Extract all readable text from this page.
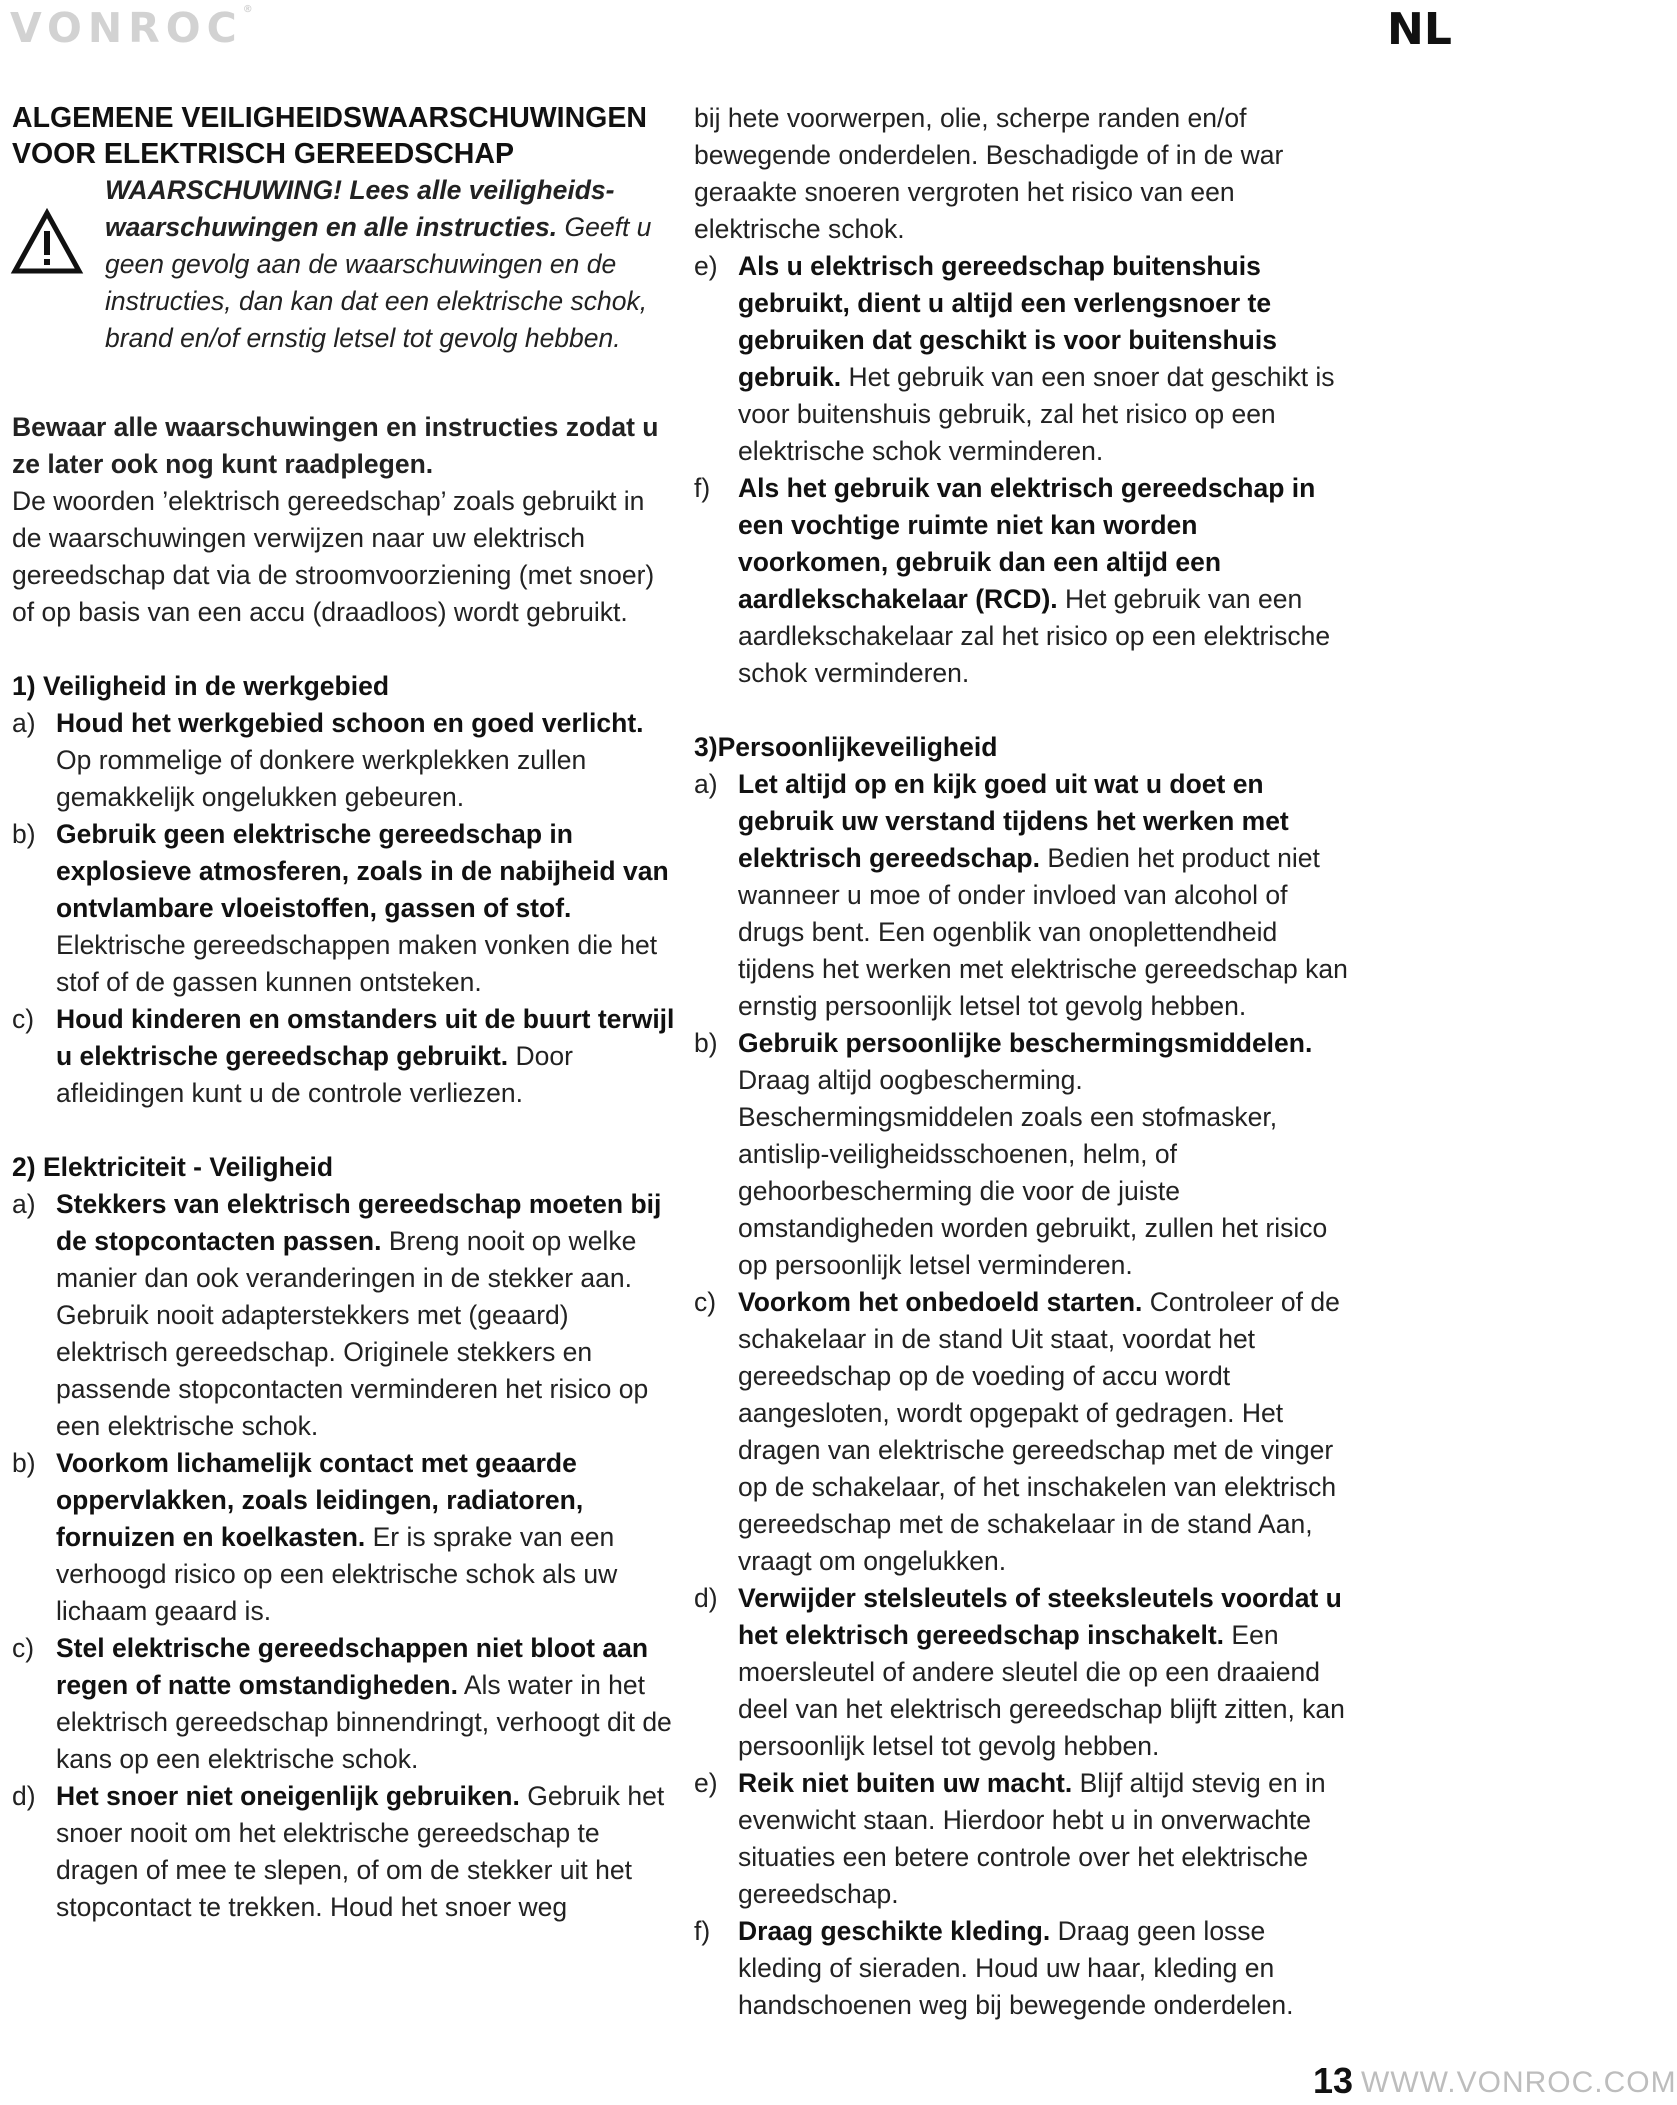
VONROC®	NL
ALGEMENE VEILIGHEIDSWAARSCHUWINGEN VOOR ELEKTRISCH GEREEDSCHAP
WAARSCHUWING! Lees alle veiligheids- waarschuwingen en alle instructies. Geeft u geen gevolg aan de waarschuwingen en de instructies, dan kan dat een elektrische schok, brand en/of ernstig letsel tot gevolg hebben.
Bewaar alle waarschuwingen en instructies zodat u ze later ook nog kunt raadplegen.
De woorden ’elektrisch gereedschap’ zoals gebruikt in de waarschuwingen verwijzen naar uw elektrisch gereedschap dat via de stroomvoorziening (met snoer) of op basis van een accu (draadloos) wordt gebruikt.
1) Veiligheid in de werkgebied
a) Houd het werkgebied schoon en goed verlicht. Op rommelige of donkere werkplekken zullen gemakkelijk ongelukken gebeuren.
b) Gebruik geen elektrische gereedschap in explosieve atmosferen, zoals in de nabijheid van ontvlambare vloeistoffen, gassen of stof. Elektrische gereedschappen maken vonken die het stof of de gassen kunnen ontsteken.
c) Houd kinderen en omstanders uit de buurt terwijl u elektrische gereedschap gebruikt. Door afleidingen kunt u de controle verliezen.
2) Elektriciteit - Veiligheid
a) Stekkers van elektrisch gereedschap moeten bij de stopcontacten passen. Breng nooit op welke manier dan ook veranderingen in de stekker aan. Gebruik nooit adapterstekkers met (geaard) elektrisch gereedschap. Originele stekkers en passende stopcontacten verminderen het risico op een elektrische schok.
b) Voorkom lichamelijk contact met geaarde oppervlakken, zoals leidingen, radiatoren, fornuizen en koelkasten. Er is sprake van een verhoogd risico op een elektrische schok als uw lichaam geaard is.
c) Stel elektrische gereedschappen niet bloot aan regen of natte omstandigheden. Als water in het elektrisch gereedschap binnendringt, verhoogt dit de kans op een elektrische schok.
d) Het snoer niet oneigenlijk gebruiken. Gebruik het snoer nooit om het elektrische gereedschap te dragen of mee te slepen, of om de stekker uit het stopcontact te trekken. Houd het snoer weg
bij hete voorwerpen, olie, scherpe randen en/of bewegende onderdelen. Beschadigde of in de war geraakte snoeren vergroten het risico van een elektrische schok.
e) Als u elektrisch gereedschap buitenshuis gebruikt, dient u altijd een verlengsnoer te gebruiken dat geschikt is voor buitenshuis gebruik. Het gebruik van een snoer dat geschikt is voor buitenshuis gebruik, zal het risico op een elektrische schok verminderen.
f)	Als het gebruik van elektrisch gereedschap in een vochtige ruimte niet kan worden voorkomen, gebruik dan een altijd een aardlekschakelaar (RCD). Het gebruik van een aardlekschakelaar zal het risico op een elektrische schok verminderen.
3)Persoonlijkeveiligheid
a) Let altijd op en kijk goed uit wat u doet en gebruik uw verstand tijdens het werken met elektrisch gereedschap. Bedien het product niet wanneer u moe of onder invloed van alcohol of drugs bent. Een ogenblik van onoplettendheid tijdens het werken met elektrische gereedschap kan ernstig persoonlijk letsel tot gevolg hebben.
b) Gebruik persoonlijke beschermingsmiddelen. Draag altijd oogbescherming. Beschermingsmiddelen zoals een stofmasker, antislip-veiligheidsschoenen, helm, of gehoorbescherming die voor de juiste omstandigheden worden gebruikt, zullen het risico op persoonlijk letsel verminderen.
c) Voorkom het onbedoeld starten. Controleer of de schakelaar in de stand Uit staat, voordat het gereedschap op de voeding of accu wordt aangesloten, wordt opgepakt of gedragen. Het dragen van elektrische gereedschap met de vinger op de schakelaar, of het inschakelen van elektrisch gereedschap met de schakelaar in de stand Aan, vraagt om ongelukken.
d) Verwijder stelsleutels of steeksleutels voordat u het elektrisch gereedschap inschakelt. Een moersleutel of andere sleutel die op een draaiend deel van het elektrisch gereedschap blijft zitten, kan persoonlijk letsel tot gevolg hebben.
e) Reik niet buiten uw macht. Blijf altijd stevig en in evenwicht staan. Hierdoor hebt u in onverwachte situaties een betere controle over het elektrische gereedschap.
f)	Draag geschikte kleding. Draag geen losse kleding of sieraden. Houd uw haar, kleding en handschoenen weg bij bewegende onderdelen.
13 WWW.VONROC.COM
